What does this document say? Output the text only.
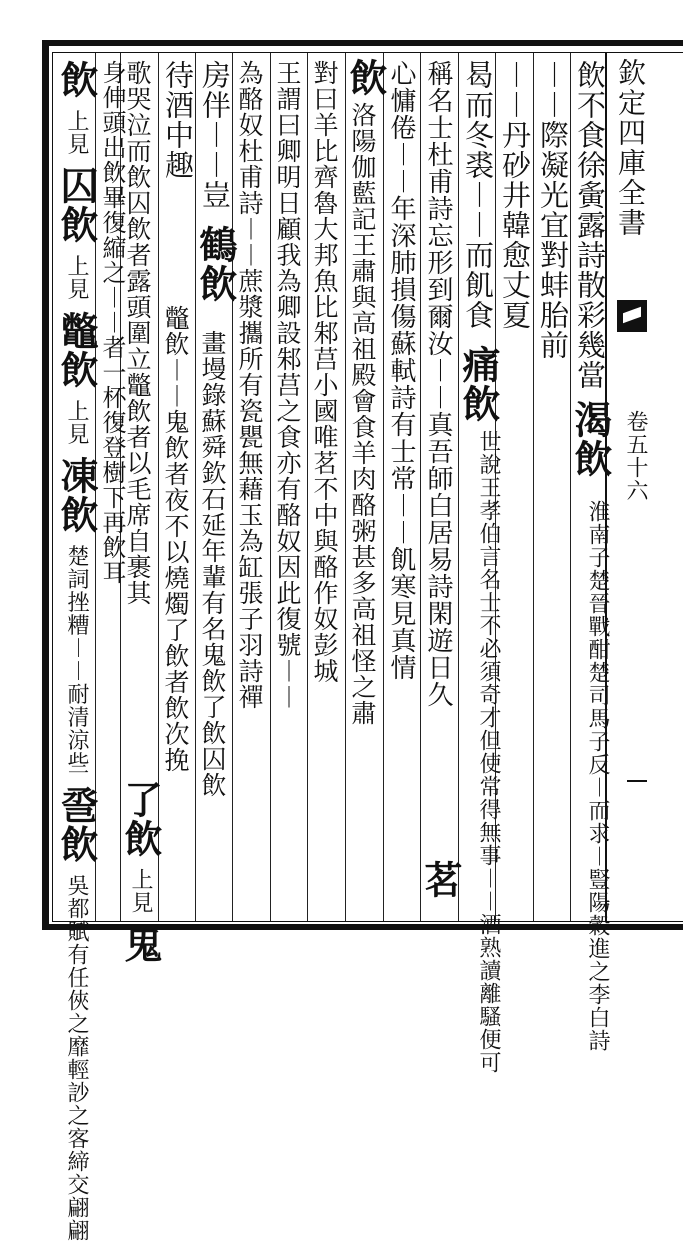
欽定四庫全書
卷五十六
飲不食徐夤露詩散彩幾當
渴飲
淮南子楚晉戰酣楚司馬子反︱而求︱豎陽穀進之李白詩
︱︱際凝光宜對蚌胎前
︱︱丹砂井韓愈丈夏
曷而冬裘︱︱而飢食
痛飲
世說王孝伯言名士不必須奇才但使常得無事︱︱酒熟讀離騷便可
稱名士杜甫詩忘形到爾汝︱︱真吾師白居易詩閑遊日久
茗
心慵倦︱︱年深肺損傷蘇軾詩有士常︱︱飢寒見真情
飲
洛陽伽藍記王肅與高祖殿會食羊肉酪粥甚多高祖怪之肅
對曰羊比齊魯大邦魚比邾莒小國唯茗不中與酪作奴彭城
王謂曰卿明日顧我為卿設邾莒之食亦有酪奴因此復號︱︱
為酪奴杜甫詩︱︱蔗漿攜所有瓷甖無藉玉為缸張子羽詩禪
房伴︱︱豈
鶴飲
畫墁錄蘇舜欽石延年輩有名鬼飲了飲囚飲
待酒中趣
鼈飲︱︱鬼飲者夜不以燒燭了飲者飲次挽
歌哭泣而飲囚飲者露頭圍立鼈飲者以毛席自裹其
身伸頭出飲畢復縮之︱︱者一杯復登樹下再飲耳
了飲 上見 鬼
飲 上見 囚飲 上見 鼈飲 上見 凍飲 楚詞挫糟︱︱耐清涼些 巹飲 吳都賦有任俠之靡輕訬之客締交翩翩
